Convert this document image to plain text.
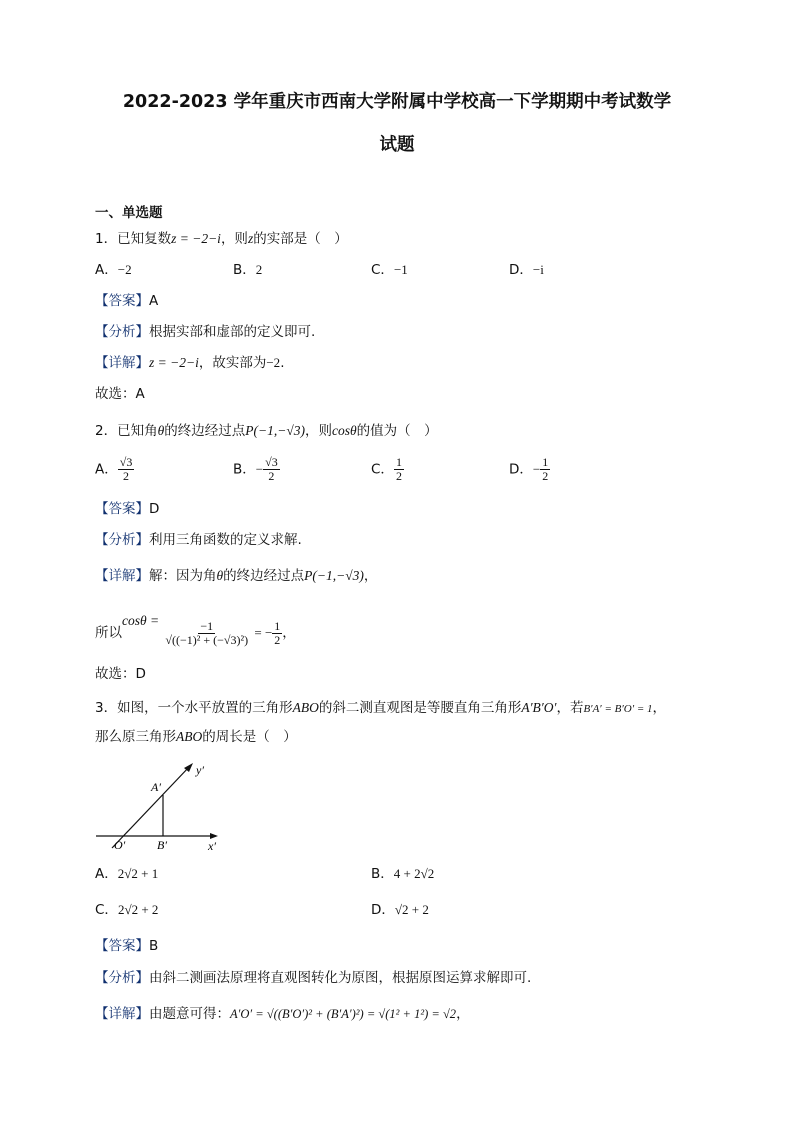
2022-2023 学年重庆市西南大学附属中学校高一下学期期中考试数学
试题
一、单选题
1．已知复数z = −2−i，则z的实部是（　）
A．−2	B．2	C．−1	D．−i
【答案】A
【分析】根据实部和虚部的定义即可.
【详解】z = −2−i，故实部为−2.
故选：A
2．已知角θ的终边经过点P(−1,−√3)，则cosθ的值为（　）
A． $\frac{√3}{2}$	B．− $\frac{√3}{2}$	C． $\frac{1}{2}$	D．− $\frac{1}{2}$
【答案】D
【分析】利用三角函数的定义求解.
【详解】解：因为角θ的终边经过点P(−1,−√3)，
所以$\cos\theta = \frac{-1}{\text{√((−1)² + (−√3)²)}}$ = − $\frac{1}{2}$ ，
故选：D
3．如图，一个水平放置的三角形ABO的斜二测直观图是等腰直角三角形A′B′O′，若B′A′ = B′O′ = 1，
那么原三角形ABO的周长是（　）
y′
A′
O′	B′	x′
A．2√2 + 1	B．4 + 2√2
C．2√2 + 2	D．√2 + 2
【答案】B
【分析】由斜二测画法原理将直观图转化为原图，根据原图运算求解即可.
【详解】由题意可得：A′O′ = √((B′O′)² + (B′A′)²) = √(1² + 1²) = √2，
